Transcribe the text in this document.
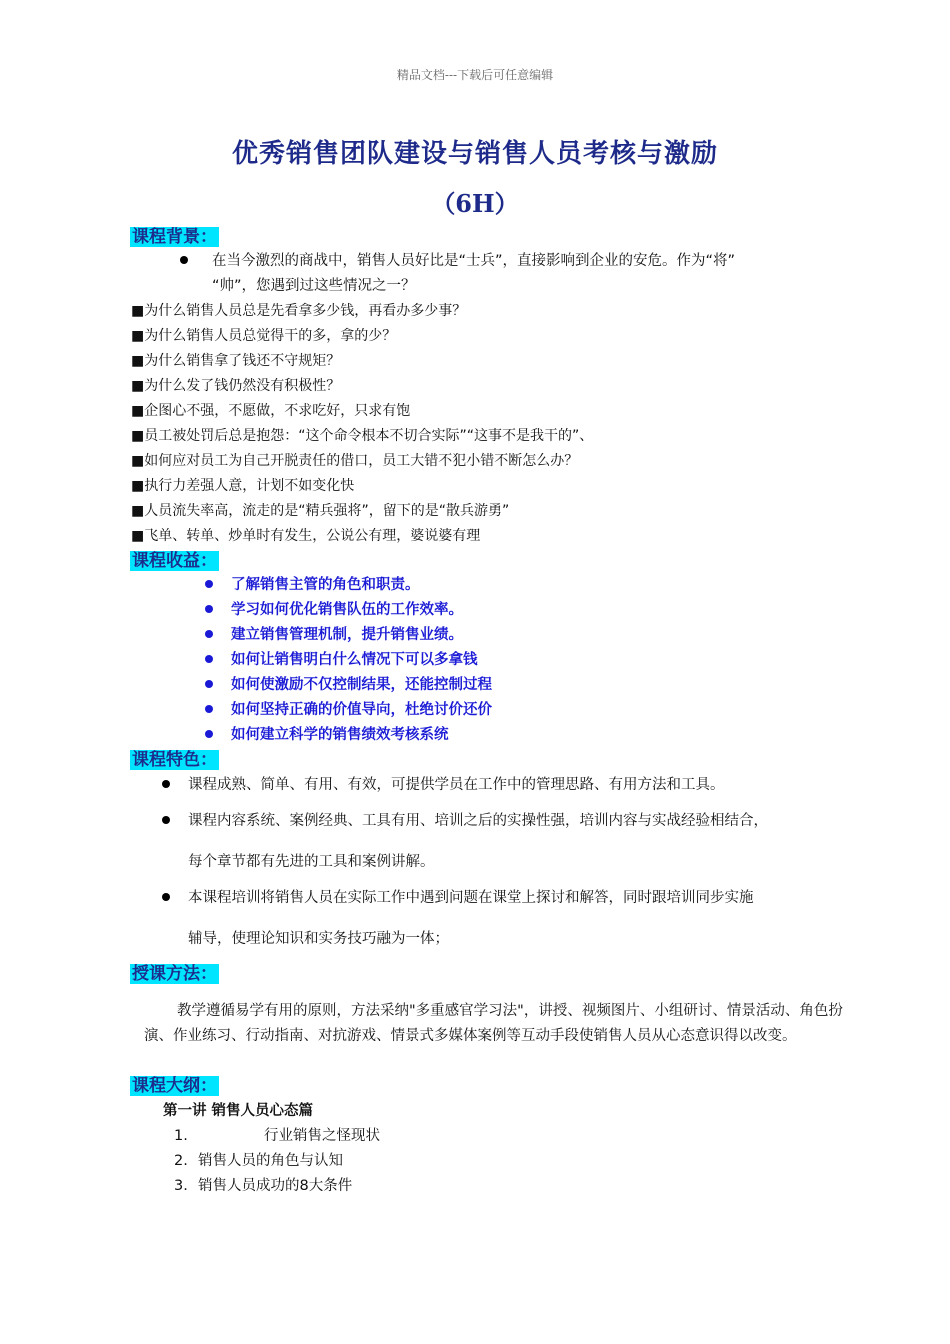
精品文档---下载后可任意编辑
优秀销售团队建设与销售人员考核与激励
（6H）
课程背景：
在当今激烈的商战中，销售人员好比是“士兵”，直接影响到企业的安危。作为“将”
“帅”，您遇到过这些情况之一？
■为什么销售人员总是先看拿多少钱，再看办多少事？
■为什么销售人员总觉得干的多，拿的少？
■为什么销售拿了钱还不守规矩？
■为什么发了钱仍然没有积极性？
■企图心不强，不愿做，不求吃好，只求有饱
■员工被处罚后总是抱怨：“这个命令根本不切合实际”“这事不是我干的”、
■如何应对员工为自己开脱责任的借口，员工大错不犯小错不断怎么办？
■执行力差强人意，计划不如变化快
■人员流失率高，流走的是“精兵强将”，留下的是“散兵游勇”
■飞单、转单、炒单时有发生，公说公有理，婆说婆有理
课程收益：
了解销售主管的角色和职责。
学习如何优化销售队伍的工作效率。
建立销售管理机制，提升销售业绩。
如何让销售明白什么情况下可以多拿钱
如何使激励不仅控制结果，还能控制过程
如何坚持正确的价值导向，杜绝讨价还价
如何建立科学的销售绩效考核系统
课程特色：
课程成熟、简单、有用、有效，可提供学员在工作中的管理思路、有用方法和工具。
课程内容系统、案例经典、工具有用、培训之后的实操性强，培训内容与实战经验相结合，
每个章节都有先进的工具和案例讲解。
本课程培训将销售人员在实际工作中遇到问题在课堂上探讨和解答，同时跟培训同步实施
辅导，使理论知识和实务技巧融为一体；
授课方法：
教学遵循易学有用的原则，方法采纳"多重感官学习法"，讲授、视频图片、小组研讨、情景活动、角色扮演、作业练习、行动指南、对抗游戏、情景式多媒体案例等互动手段使销售人员从心态意识得以改变。
课程大纲：
第一讲 销售人员心态篇
1.	行业销售之怪现状
2. 销售人员的角色与认知
3. 销售人员成功的8大条件
